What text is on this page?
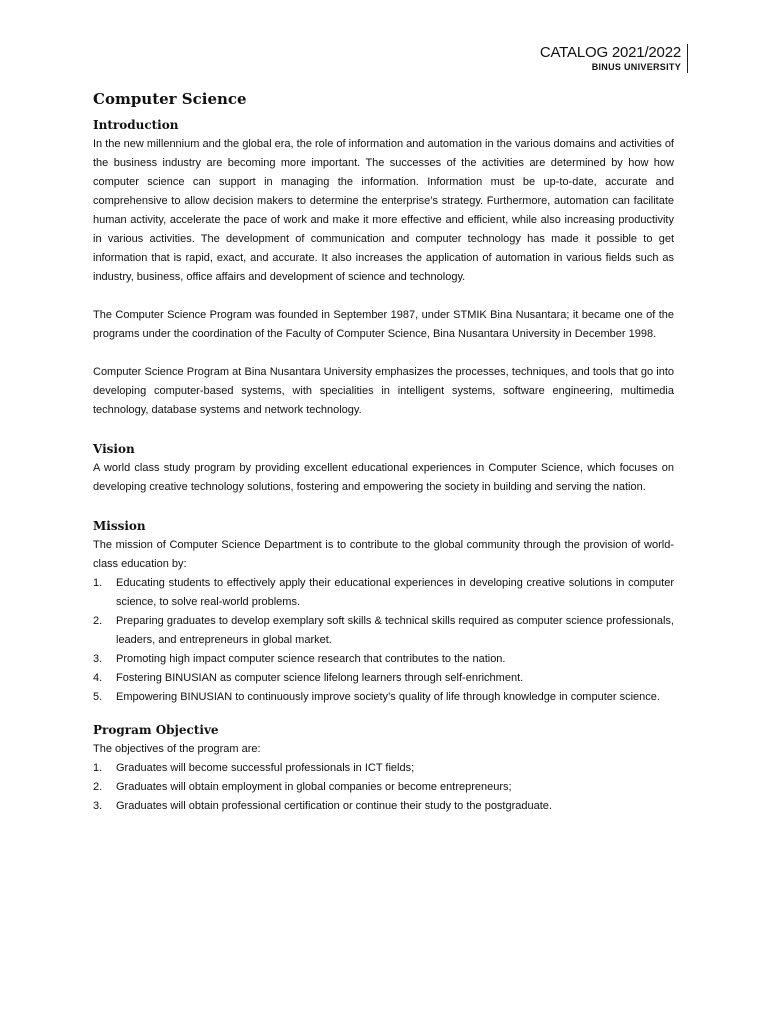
CATALOG 2021/2022
BINUS UNIVERSITY
Computer Science
Introduction

In the new millennium and the global era, the role of information and automation in the various domains and activities of the business industry are becoming more important. The successes of the activities are determined by how how computer science can support in managing the information. Information must be up-to-date, accurate and comprehensive to allow decision makers to determine the enterprise’s strategy. Furthermore, automation can facilitate human activity, accelerate the pace of work and make it more effective and efficient, while also increasing productivity in various activities. The development of communication and computer technology has made it possible to get information that is rapid, exact, and accurate. It also increases the application of automation in various fields such as industry, business, office affairs and development of science and technology.

The Computer Science Program was founded in September 1987, under STMIK Bina Nusantara; it became one of the programs under the coordination of the Faculty of Computer Science, Bina Nusantara University in December 1998.

Computer Science Program at Bina Nusantara University emphasizes the processes, techniques, and tools that go into developing computer-based systems, with specialities in intelligent systems, software engineering, multimedia technology, database systems and network technology.

Vision

A world class study program by providing excellent educational experiences in Computer Science, which focuses on developing creative technology solutions, fostering and empowering the society in building and serving the nation.

Mission

The mission of Computer Science Department is to contribute to the global community through the provision of world-class education by:

1. Educating students to effectively apply their educational experiences in developing creative solutions in computer science, to solve real-world problems.
2. Preparing graduates to develop exemplary soft skills & technical skills required as computer science professionals, leaders, and entrepreneurs in global market.
3. Promoting high impact computer science research that contributes to the nation.
4. Fostering BINUSIAN as computer science lifelong learners through self-enrichment.
5. Empowering BINUSIAN to continuously improve society’s quality of life through knowledge in computer science.
Program Objective

The objectives of the program are:

1. Graduates will become successful professionals in ICT fields;
2. Graduates will obtain employment in global companies or become entrepreneurs;
3. Graduates will obtain professional certification or continue their study to the postgraduate.
